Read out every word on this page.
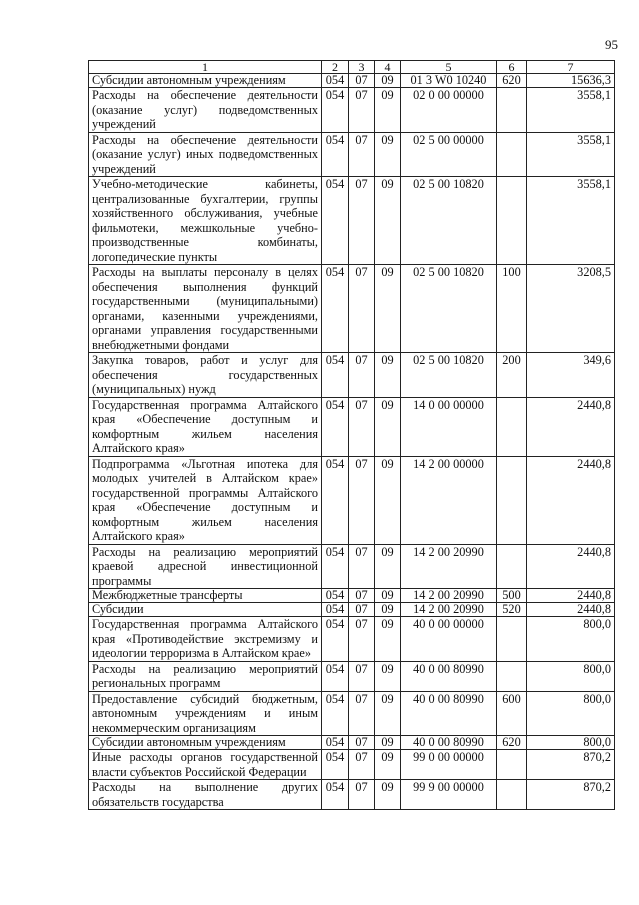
95
1	2	3	4	5	6	7
Субсидии автономным учреждениям	054	07	09	01 3 W0 10240	620	15636,3
Расходы на обеспечение деятельности (оказание услуг) подведомственных учреждений	054	07	09	02 0 00 00000		3558,1
Расходы на обеспечение деятельности (оказание услуг) иных подведомственных учреждений	054	07	09	02 5 00 00000		3558,1
Учебно-методические кабинеты, централизованные бухгалтерии, группы хозяйственного обслуживания, учебные фильмотеки, межшкольные учебно-производственные комбинаты, логопедические пункты	054	07	09	02 5 00 10820		3558,1
Расходы на выплаты персоналу в целях обеспечения выполнения функций государственными (муниципальными) органами, казенными учреждениями, органами управления государственными внебюджетными фондами	054	07	09	02 5 00 10820	100	3208,5
Закупка товаров, работ и услуг для обеспечения государственных (муниципальных) нужд	054	07	09	02 5 00 10820	200	349,6
Государственная программа Алтайского края «Обеспечение доступным и комфортным жильем населения Алтайского края»	054	07	09	14 0 00 00000		2440,8
Подпрограмма «Льготная ипотека для молодых учителей в Алтайском крае» государственной программы Алтайского края «Обеспечение доступным и комфортным жильем населения Алтайского края»	054	07	09	14 2 00 00000		2440,8
Расходы на реализацию мероприятий краевой адресной инвестиционной программы	054	07	09	14 2 00 20990		2440,8
Межбюджетные трансферты	054	07	09	14 2 00 20990	500	2440,8
Субсидии	054	07	09	14 2 00 20990	520	2440,8
Государственная программа Алтайского края «Противодействие экстремизму и идеологии терроризма в Алтайском крае»	054	07	09	40 0 00 00000		800,0
Расходы на реализацию мероприятий региональных программ	054	07	09	40 0 00 80990		800,0
Предоставление субсидий бюджетным, автономным учреждениям и иным некоммерческим организациям	054	07	09	40 0 00 80990	600	800,0
Субсидии автономным учреждениям	054	07	09	40 0 00 80990	620	800,0
Иные расходы органов государственной власти субъектов Российской Федерации	054	07	09	99 0 00 00000		870,2
Расходы на выполнение других обязательств государства	054	07	09	99 9 00 00000		870,2
